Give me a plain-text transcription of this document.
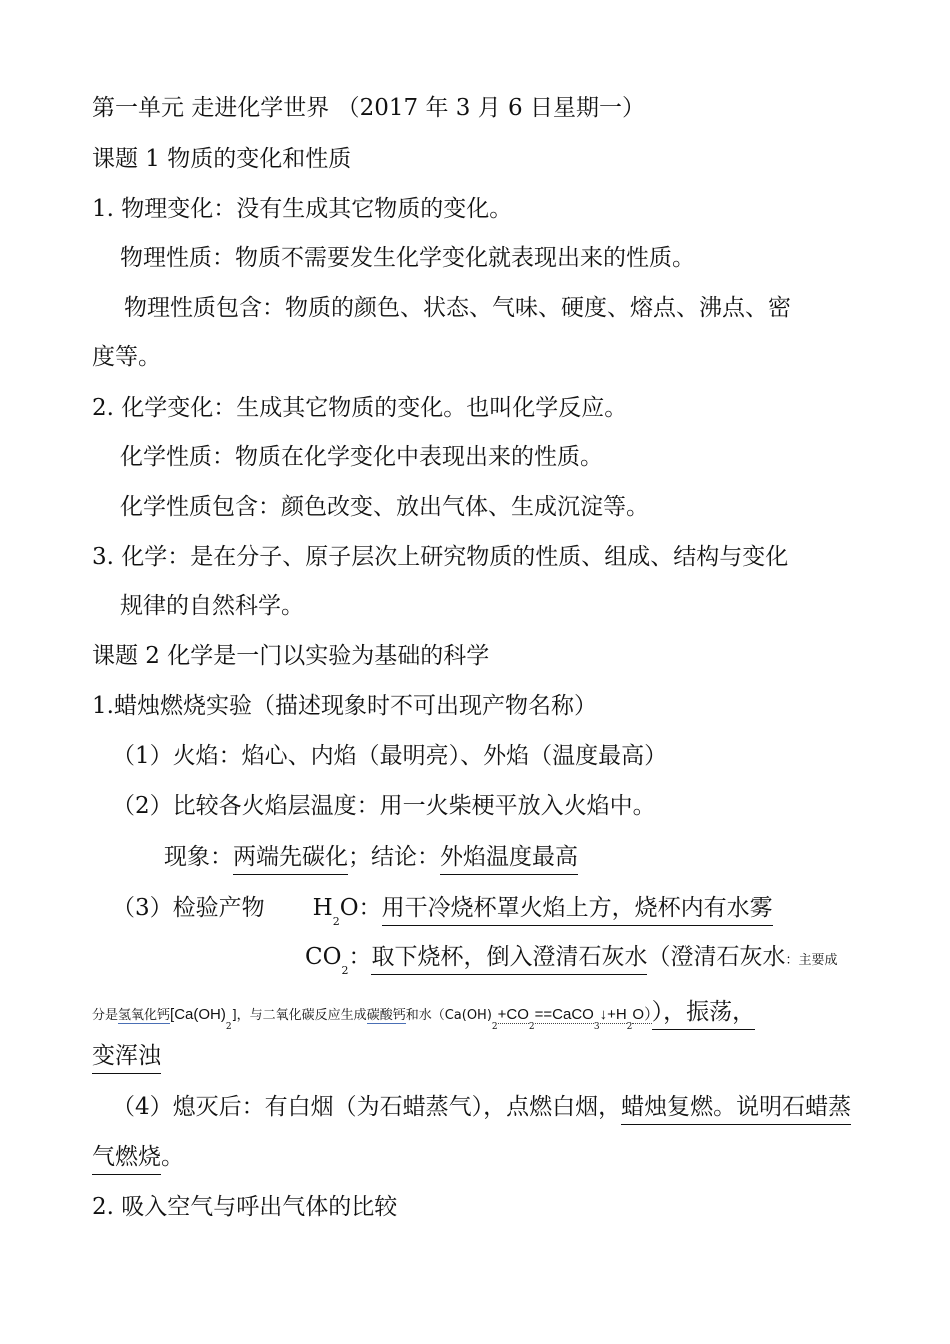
第一单元 走进化学世界 （2017 年 3 月 6 日星期一）
课题 1 物质的变化和性质
1. 物理变化：没有生成其它物质的变化。
物理性质：物质不需要发生化学变化就表现出来的性质。
物理性质包含：物质的颜色、状态、气味、硬度、熔点、沸点、密
度等。
2. 化学变化：生成其它物质的变化。也叫化学反应。
化学性质：物质在化学变化中表现出来的性质。
化学性质包含：颜色改变、放出气体、生成沉淀等。
3. 化学：是在分子、原子层次上研究物质的性质、组成、结构与变化
规律的自然科学。
课题 2 化学是一门以实验为基础的科学
1.蜡烛燃烧实验（描述现象时不可出现产物名称）
（1）火焰：焰心、内焰（最明亮）、外焰（温度最高）
（2）比较各火焰层温度：用一火柴梗平放入火焰中。
现象：两端先碳化；结论：外焰温度最高
（3）检验产物 $H_2O$：用干冷烧杯罩火焰上方，烧杯内有水雾
$CO_2$：取下烧杯，倒入澄清石灰水（澄清石灰水：主要成
分是氢氧化钙$[Ca(OH)_2]$，与二氧化碳反应生成碳酸钙和水$(Ca(OH)_2+CO_2==CaCO_3↓+H_2O)$），振荡，
变浑浊
（4）熄灭后：有白烟（为石蜡蒸气），点燃白烟，蜡烛复燃。说明石蜡蒸
气燃烧。
2. 吸入空气与呼出气体的比较
